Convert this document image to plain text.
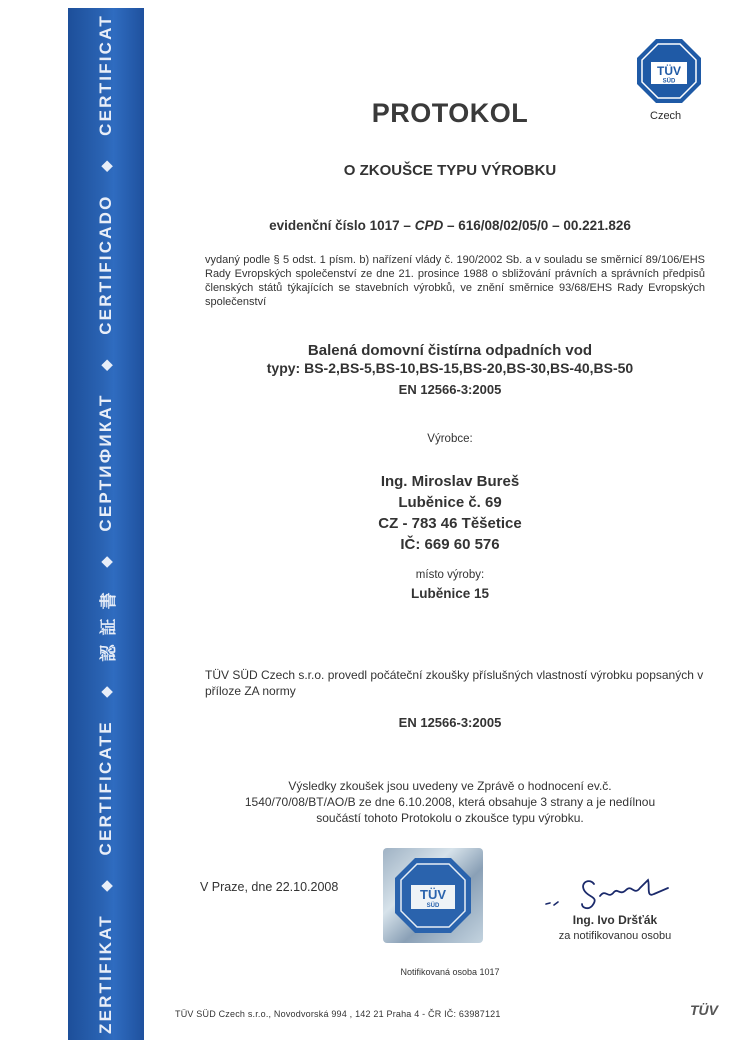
ZERTIFIKAT
◆
CERTIFICATE
◆
認 証 書
◆
СЕРТИФИКАТ
◆
CERTIFICADO
◆
CERTIFICAT	TÜV
SÜD
Czech
PROTOKOL
O ZKOUŠCE TYPU VÝROBKU
evidenční číslo 1017 – CPD – 616/08/02/05/0 – 00.221.826
vydaný podle § 5 odst. 1 písm. b) nařízení vlády č. 190/2002 Sb. a v souladu se směrnicí 89/106/EHS Rady Evropských společenství ze dne 21. prosince 1988 o sbližování právních a správních předpisů členských států týkajících se stavebních výrobků, ve znění směrnice 93/68/EHS Rady Evropských společenství
Balená domovní čistírna odpadních vod
typy: BS-2,BS-5,BS-10,BS-15,BS-20,BS-30,BS-40,BS-50
EN 12566-3:2005
Výrobce:
Ing. Miroslav Bureš
Luběnice č. 69
CZ - 783 46 Těšetice
IČ: 669 60 576
místo výroby:
Luběnice 15
TÜV SÜD Czech s.r.o. provedl počáteční zkoušky příslušných vlastností výrobku popsaných v příloze ZA normy
EN 12566-3:2005
Výsledky zkoušek jsou uvedeny ve Zprávě o hodnocení ev.č.
1540/70/08/BT/AO/B ze dne 6.10.2008, která obsahuje 3 strany a je nedílnou
součástí tohoto Protokolu o zkoušce typu výrobku.
TÜV
SÜD
V Praze, dne 22.10.2008
Ing. Ivo Dršťák
za notifikovanou osobu
Notifikovaná osoba 1017
TÜV SÜD Czech s.r.o., Novodvorská 994 , 142 21 Praha 4 - ČR IČ: 63987121	TÜV
